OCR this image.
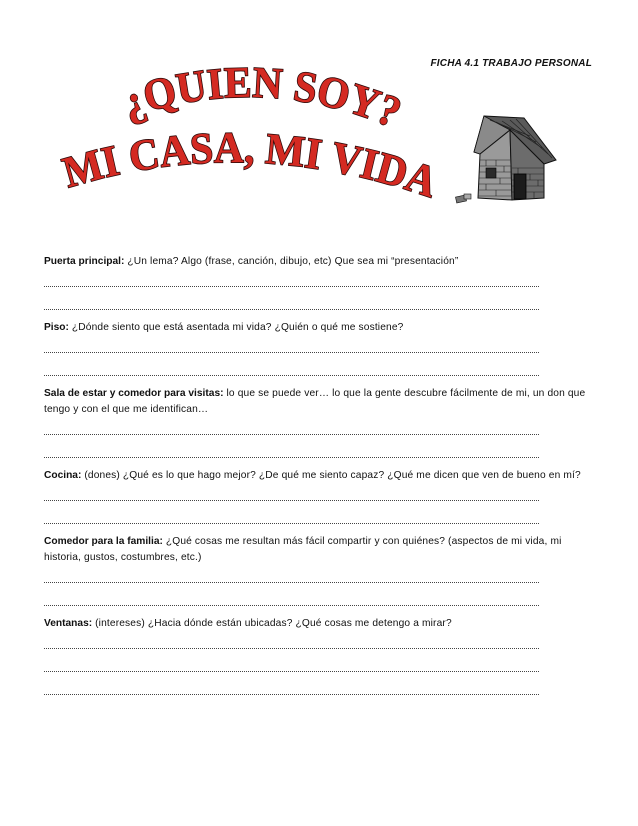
FICHA 4.1 TRABAJO PERSONAL
¿QUIEN SOY?
MI CASA, MI VIDA

Puerta principal: ¿Un lema? Algo (frase, canción, dibujo, etc) Que sea mi “presentación”

Piso: ¿Dónde siento que está asentada mi vida? ¿Quién o qué me sostiene?

Sala de estar y comedor para visitas: lo que se puede ver… lo que la gente descubre fácilmente de mi, un don que tengo y con el que me identifican…

Cocina: (dones) ¿Qué es lo que hago mejor? ¿De qué me siento capaz? ¿Qué me dicen que ven de bueno en mí?

Comedor para la familia: ¿Qué cosas me resultan más fácil compartir y con quiénes? (aspectos de mi vida, mi historia, gustos, costumbres, etc.)

Ventanas: (intereses) ¿Hacia dónde están ubicadas? ¿Qué cosas me detengo a mirar?
